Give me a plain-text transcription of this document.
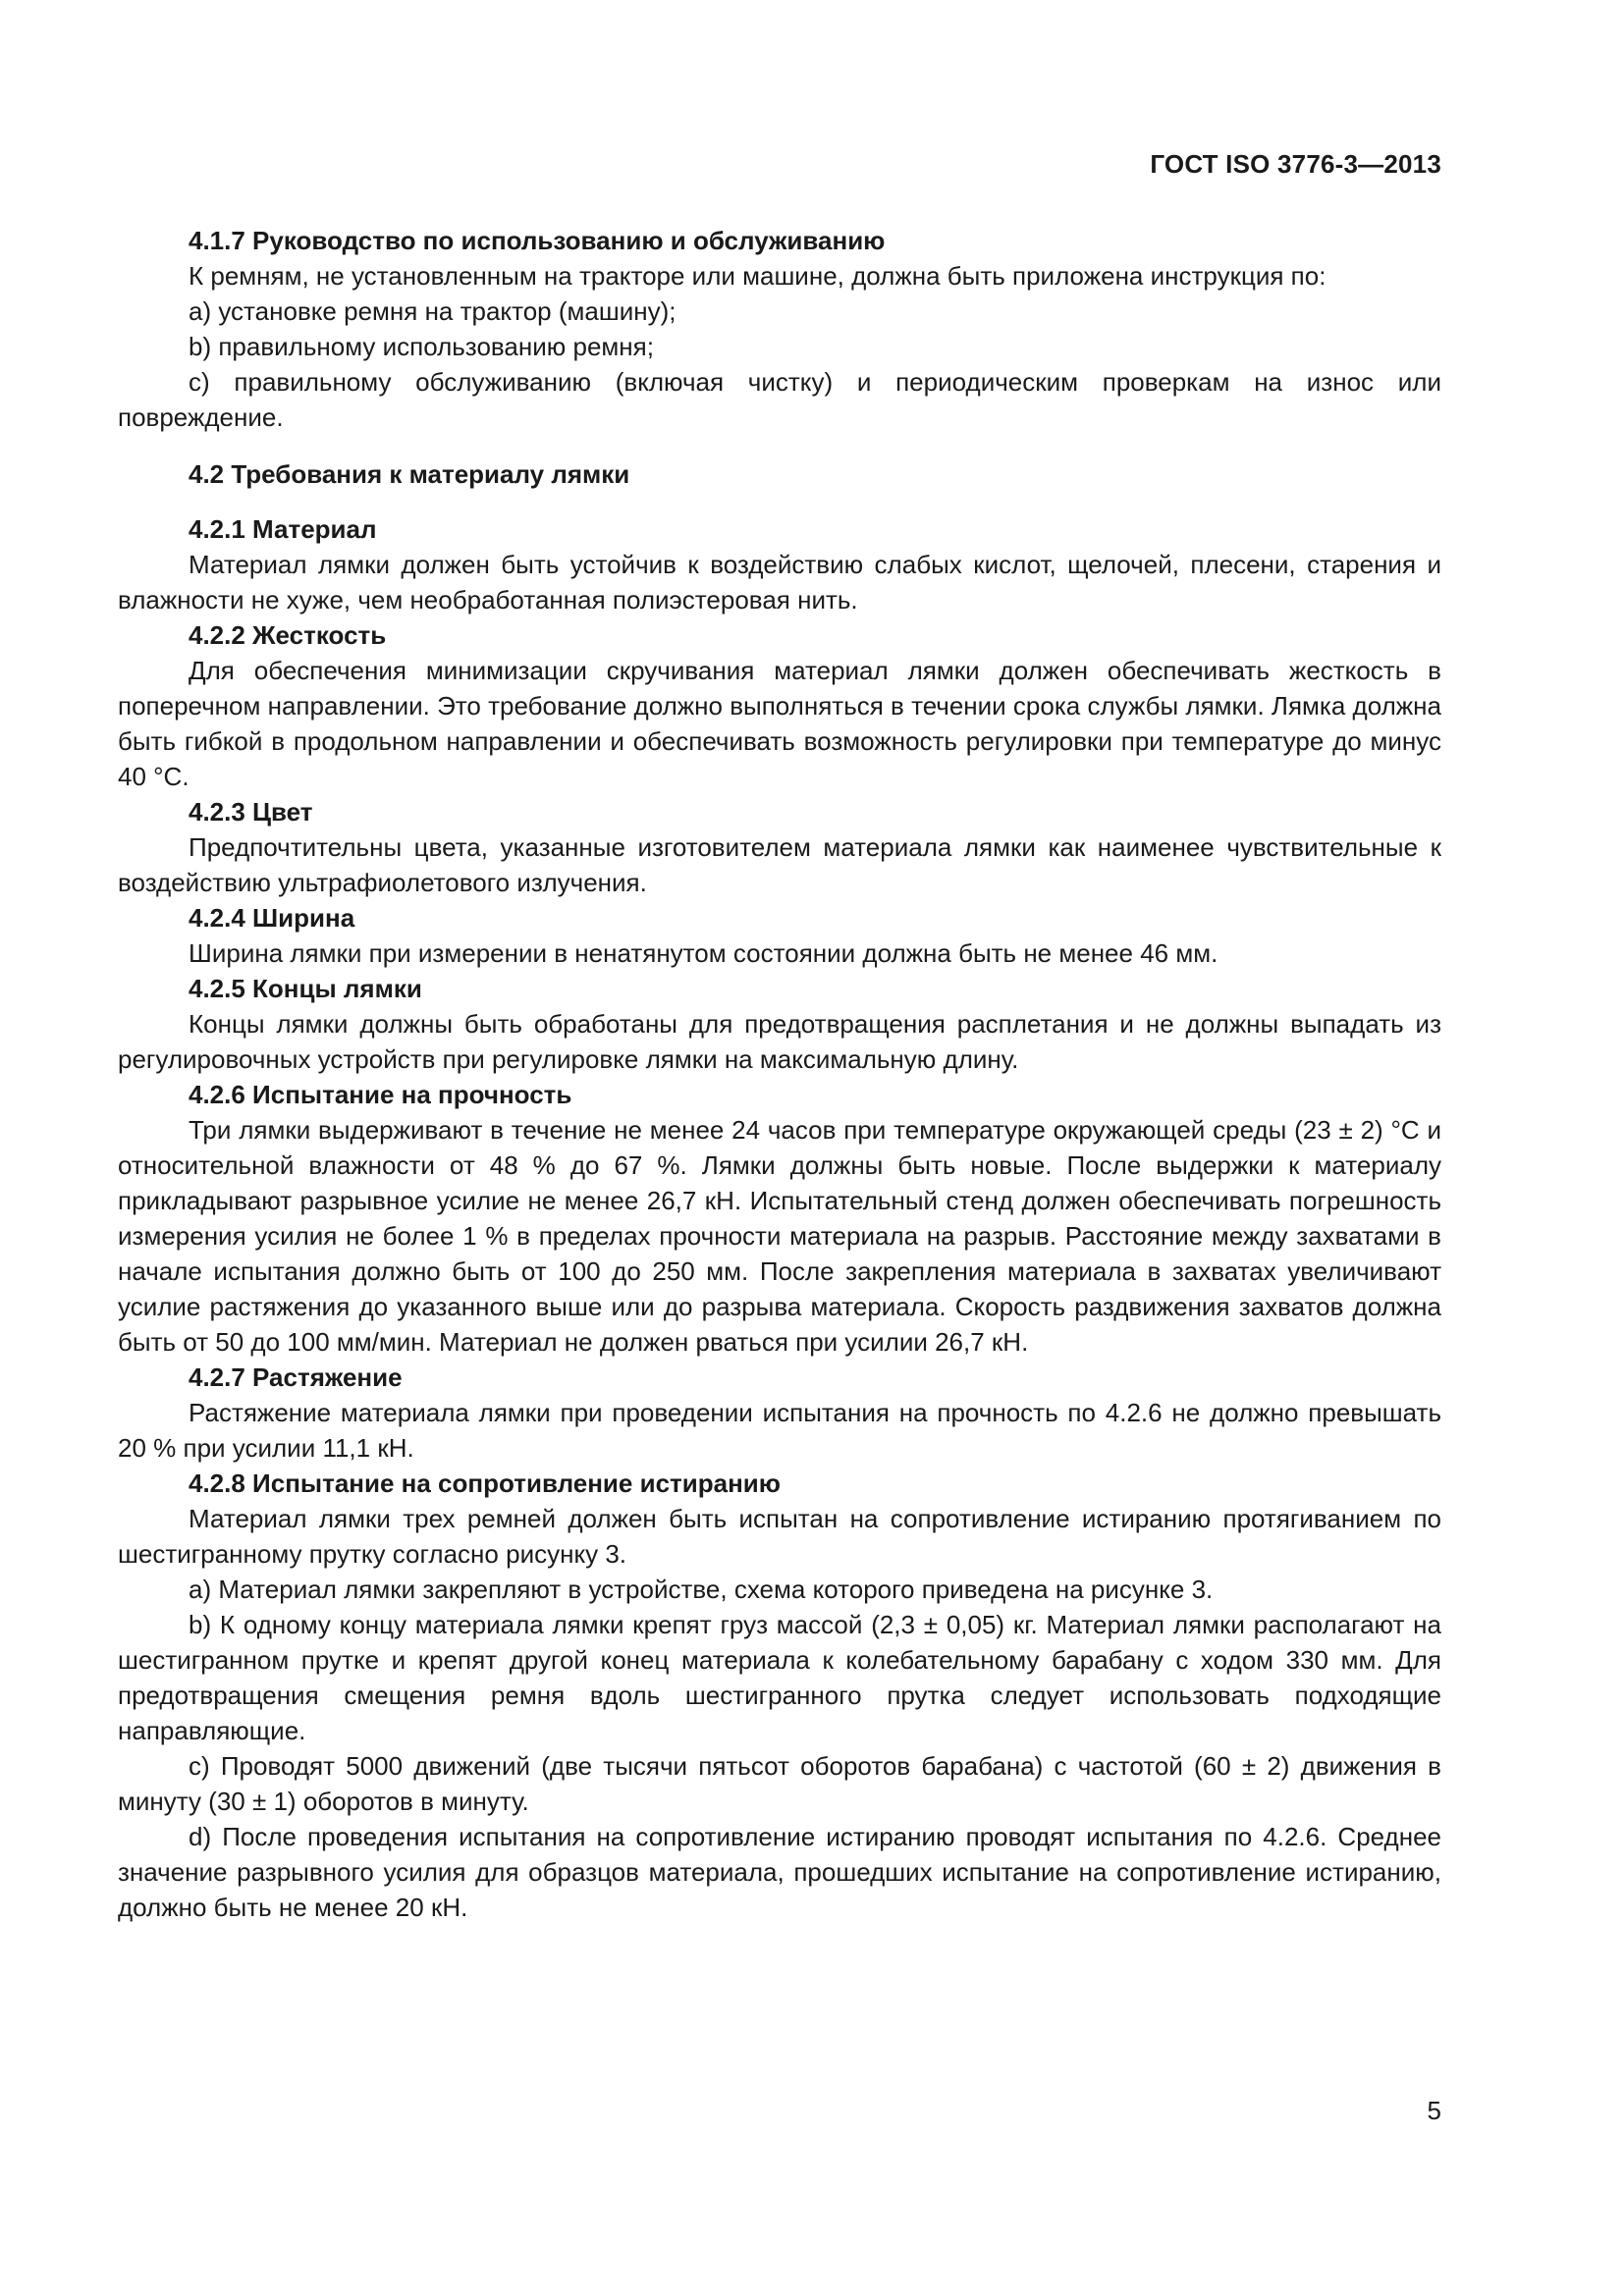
ГОСТ ISO 3776-3—2013
4.1.7 Руководство по использованию и обслуживанию

К ремням, не установленным на тракторе или машине, должна быть приложена инструкция по:

a) установке ремня на трактор (машину);

b) правильному использованию ремня;

c) правильному обслуживанию (включая чистку) и периодическим проверкам на износ или повреждение.

4.2 Требования к материалу лямки
4.2.1 Материал

Материал лямки должен быть устойчив к воздействию слабых кислот, щелочей, плесени, старения и влажности не хуже, чем необработанная полиэстеровая нить.

4.2.2 Жесткость

Для обеспечения минимизации скручивания материал лямки должен обеспечивать жесткость в поперечном направлении. Это требование должно выполняться в течении срока службы лямки. Лямка должна быть гибкой в продольном направлении и обеспечивать возможность регулировки при температуре до минус 40 °С.

4.2.3 Цвет

Предпочтительны цвета, указанные изготовителем материала лямки как наименее чувствительные к воздействию ультрафиолетового излучения.

4.2.4 Ширина

Ширина лямки при измерении в ненатянутом состоянии должна быть не менее 46 мм.

4.2.5 Концы лямки

Концы лямки должны быть обработаны для предотвращения расплетания и не должны выпадать из регулировочных устройств при регулировке лямки на максимальную длину.

4.2.6 Испытание на прочность

Три лямки выдерживают в течение не менее 24 часов при температуре окружающей среды (23 ± 2) °С и относительной влажности от 48 % до 67 %. Лямки должны быть новые. После выдержки к материалу прикладывают разрывное усилие не менее 26,7 кН. Испытательный стенд должен обеспечивать погрешность измерения усилия не более 1 % в пределах прочности материала на разрыв. Расстояние между захватами в начале испытания должно быть от 100 до 250 мм. После закрепления материала в захватах увеличивают усилие растяжения до указанного выше или до разрыва материала. Скорость раздвижения захватов должна быть от 50 до 100 мм/мин. Материал не должен рваться при усилии 26,7 кН.

4.2.7 Растяжение

Растяжение материала лямки при проведении испытания на прочность по 4.2.6 не должно превышать 20 % при усилии 11,1 кН.

4.2.8 Испытание на сопротивление истиранию

Материал лямки трех ремней должен быть испытан на сопротивление истиранию протягиванием по шестигранному прутку согласно рисунку 3.

a) Материал лямки закрепляют в устройстве, схема которого приведена на рисунке 3.

b) К одному концу материала лямки крепят груз массой (2,3 ± 0,05) кг. Материал лямки располагают на шестигранном прутке и крепят другой конец материала к колебательному барабану с ходом 330 мм. Для предотвращения смещения ремня вдоль шестигранного прутка следует использовать подходящие направляющие.

c) Проводят 5000 движений (две тысячи пятьсот оборотов барабана) с частотой (60 ± 2) движения в минуту (30 ± 1) оборотов в минуту.

d) После проведения испытания на сопротивление истиранию проводят испытания по 4.2.6. Среднее значение разрывного усилия для образцов материала, прошедших испытание на сопротивление истиранию, должно быть не менее 20 кН.

5
